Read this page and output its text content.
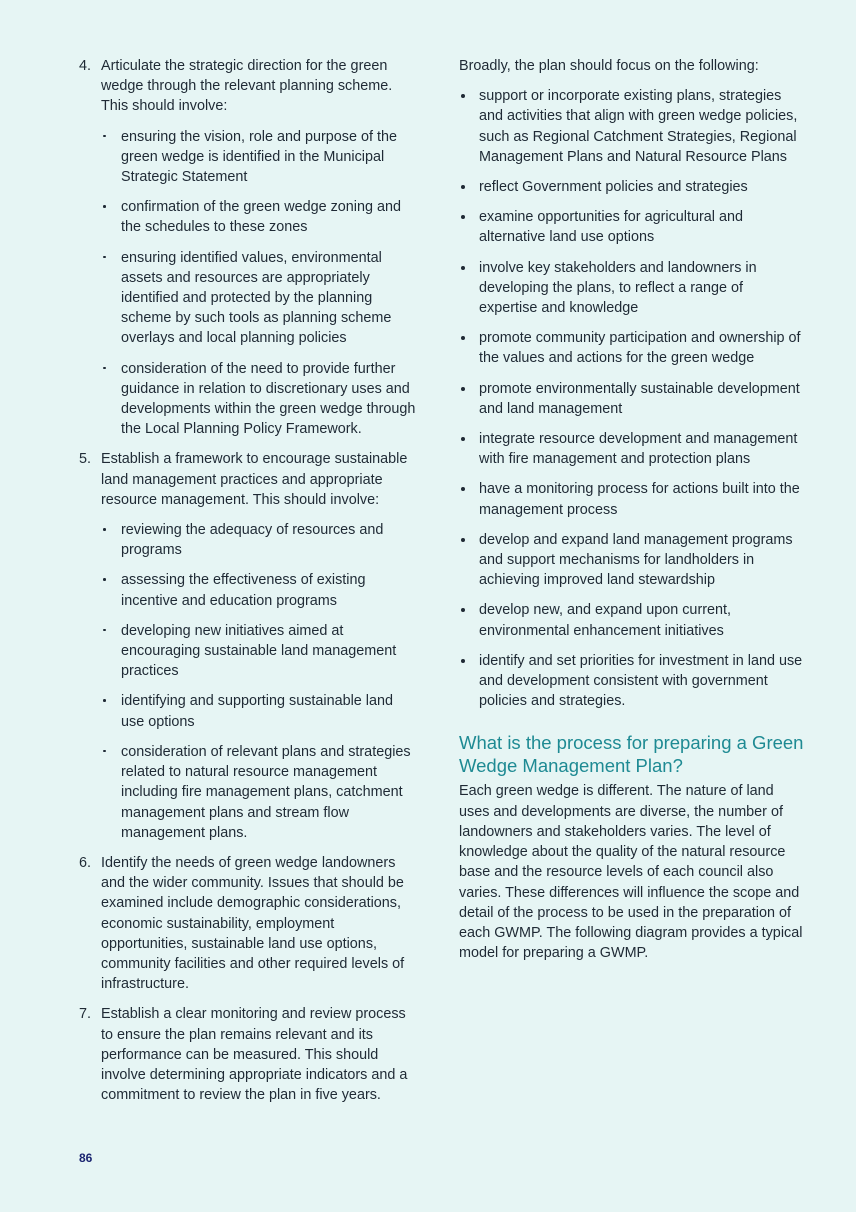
4. Articulate the strategic direction for the green wedge through the relevant planning scheme. This should involve:

ensuring the vision, role and purpose of the green wedge is identified in the Municipal Strategic Statement

confirmation of the green wedge zoning and the schedules to these zones

ensuring identified values, environmental assets and resources are appropriately identified and protected by the planning scheme by such tools as planning scheme overlays and local planning policies

consideration of the need to provide further guidance in relation to discretionary uses and developments within the green wedge through the Local Planning Policy Framework.

5. Establish a framework to encourage sustainable land management practices and appropriate resource management. This should involve:

reviewing the adequacy of resources and programs

assessing the effectiveness of existing incentive and education programs

developing new initiatives aimed at encouraging sustainable land management practices

identifying and supporting sustainable land use options

consideration of relevant plans and strategies related to natural resource management including fire management plans, catchment management plans and stream flow management plans.

6. Identify the needs of green wedge landowners and the wider community. Issues that should be examined include demographic considerations, economic sustainability, employment opportunities, sustainable land use options, community facilities and other required levels of infrastructure.

7. Establish a clear monitoring and review process to ensure the plan remains relevant and its performance can be measured. This should involve determining appropriate indicators and a commitment to review the plan in five years.

Broadly, the plan should focus on the following:

support or incorporate existing plans, strategies and activities that align with green wedge policies, such as Regional Catchment Strategies, Regional Management Plans and Natural Resource Plans

reflect Government policies and strategies

examine opportunities for agricultural and alternative land use options

involve key stakeholders and landowners in developing the plans, to reflect a range of expertise and knowledge

promote community participation and ownership of the values and actions for the green wedge

promote environmentally sustainable development and land management

integrate resource development and management with fire management and protection plans

have a monitoring process for actions built into the management process

develop and expand land management programs and support mechanisms for landholders in achieving improved land stewardship

develop new, and expand upon current, environmental enhancement initiatives

identify and set priorities for investment in land use and development consistent with government policies and strategies.

What is the process for preparing a Green Wedge Management Plan?

Each green wedge is different. The nature of land uses and developments are diverse, the number of landowners and stakeholders varies. The level of knowledge about the quality of the natural resource base and the resource levels of each council also varies. These differences will influence the scope and detail of the process to be used in the preparation of each GWMP. The following diagram provides a typical model for preparing a GWMP.

86
